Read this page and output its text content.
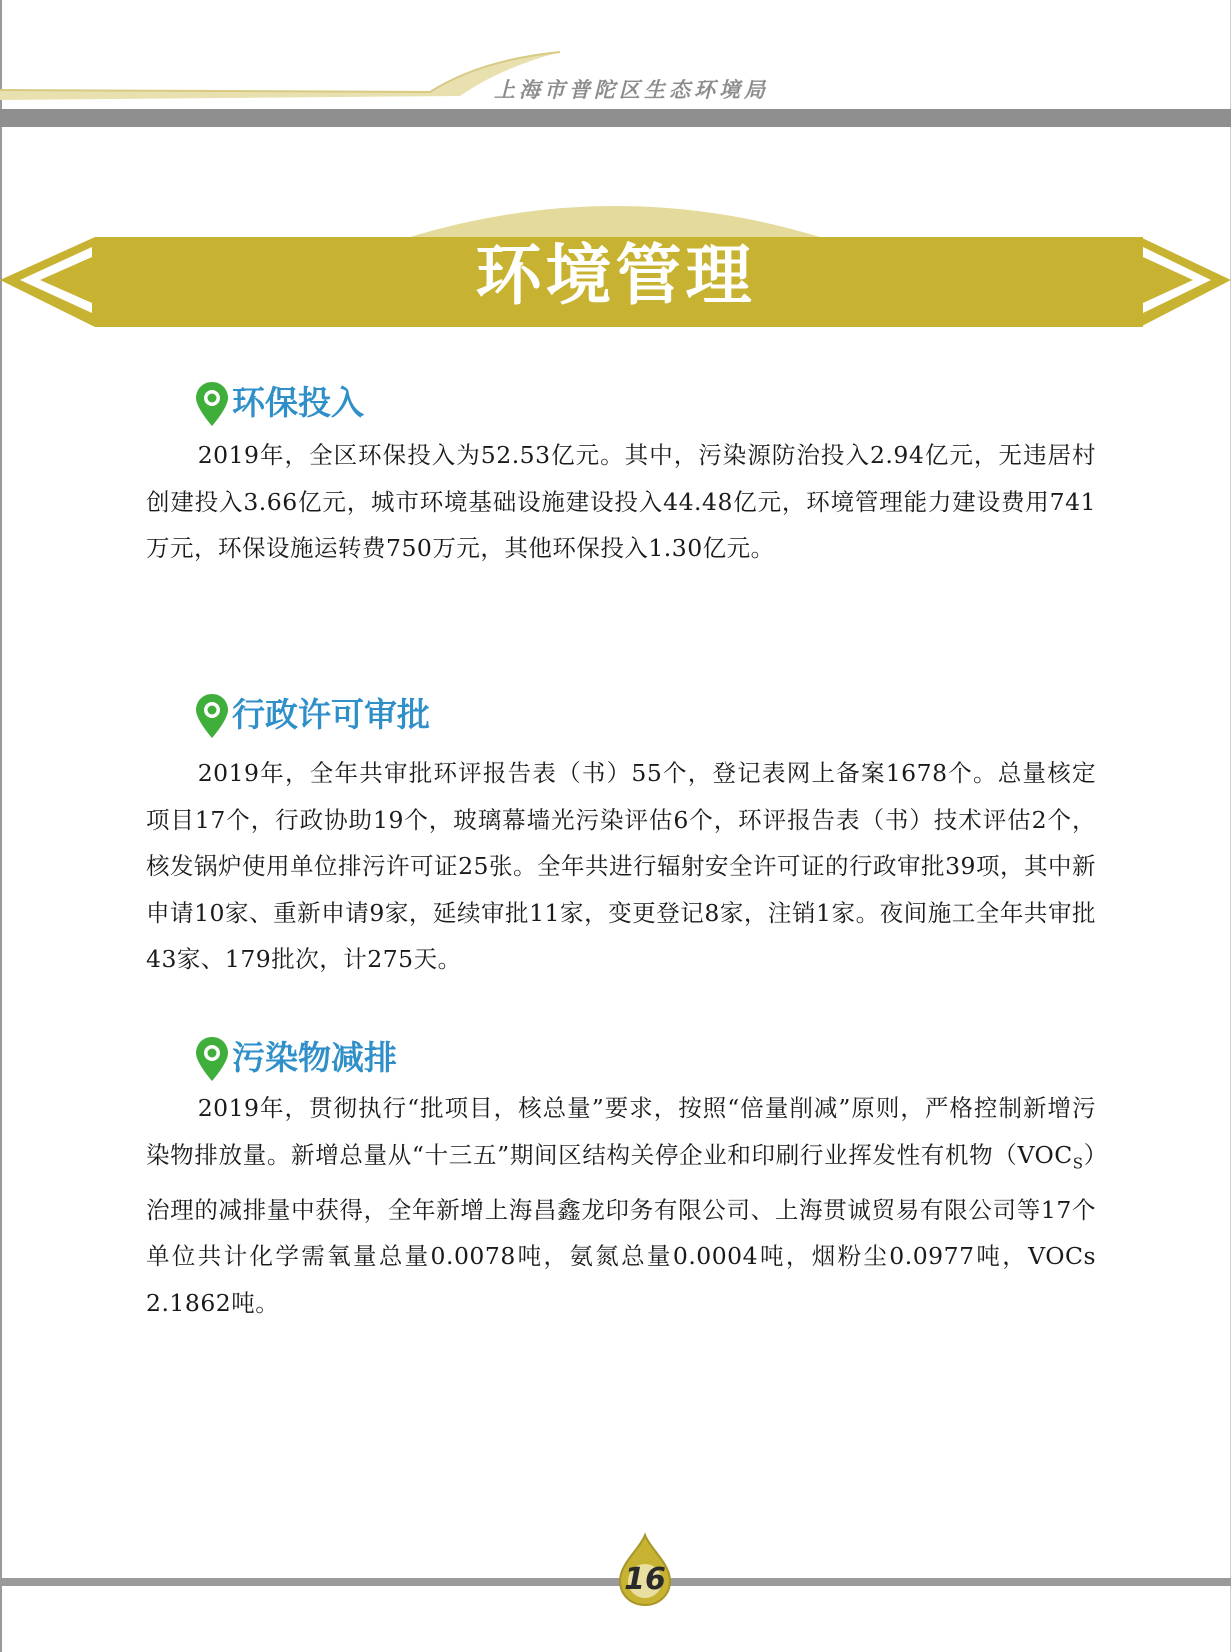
上海市普陀区生态环境局
环境管理
环保投入

2019年，全区环保投入为52.53亿元。其中，污染源防治投入2.94亿元，无违居村创建投入3.66亿元，城市环境基础设施建设投入44.48亿元，环境管理能力建设费用741万元，环保设施运转费750万元，其他环保投入1.30亿元。

行政许可审批

2019年，全年共审批环评报告表（书）55个，登记表网上备案1678个。总量核定项目17个，行政协助19个，玻璃幕墙光污染评估6个，环评报告表（书）技术评估2个，核发锅炉使用单位排污许可证25张。全年共进行辐射安全许可证的行政审批39项，其中新申请10家、重新申请9家，延续审批11家，变更登记8家，注销1家。夜间施工全年共审批43家、179批次，计275天。

污染物减排

2019年，贯彻执行“批项目，核总量”要求，按照“倍量削减”原则，严格控制新增污染物排放量。新增总量从“十三五”期间区结构关停企业和印刷行业挥发性有机物$(VOC_S)$治理的减排量中获得，全年新增上海昌鑫龙印务有限公司、上海贯诚贸易有限公司等17个单位共计化学需氧量总量0.0078吨，氨氮总量0.0004吨，烟粉尘0.0977吨，VOCs 2.1862吨。

16
